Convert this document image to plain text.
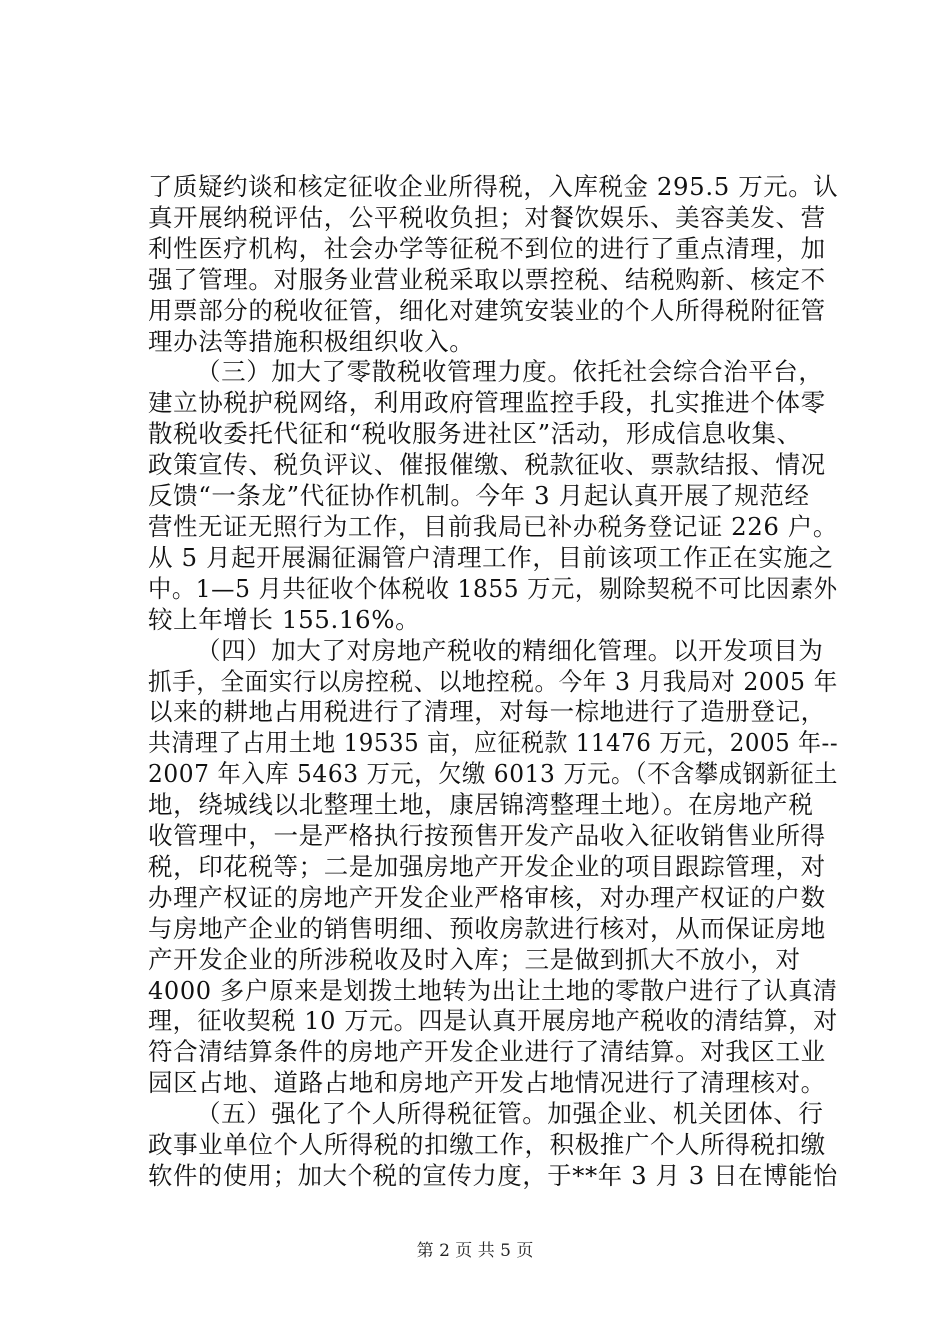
了质疑约谈和核定征收企业所得税，入库税金 295.5 万元。认
真开展纳税评估，公平税收负担；对餐饮娱乐、美容美发、营
利性医疗机构，社会办学等征税不到位的进行了重点清理，加
强了管理。对服务业营业税采取以票控税、结税购新、核定不
用票部分的税收征管，细化对建筑安装业的个人所得税附征管
理办法等措施积极组织收入。
（三）加大了零散税收管理力度。依托社会综合治平台，
建立协税护税网络，利用政府管理监控手段，扎实推进个体零
散税收委托代征和“税收服务进社区”活动，形成信息收集、
政策宣传、税负评议、催报催缴、税款征收、票款结报、情况
反馈“一条龙”代征协作机制。今年 3 月起认真开展了规范经
营性无证无照行为工作，目前我局已补办税务登记证 226 户。
从 5 月起开展漏征漏管户清理工作，目前该项工作正在实施之
中。1—5 月共征收个体税收 1855 万元，剔除契税不可比因素外
较上年增长 155.16%。
（四）加大了对房地产税收的精细化管理。以开发项目为
抓手，全面实行以房控税、以地控税。今年 3 月我局对 2005 年
以来的耕地占用税进行了清理，对每一棕地进行了造册登记，
共清理了占用土地 19535 亩，应征税款 11476 万元，2005 年--
2007 年入库 5463 万元，欠缴 6013 万元。（不含攀成钢新征土
地，绕城线以北整理土地，康居锦湾整理土地）。在房地产税
收管理中，一是严格执行按预售开发产品收入征收销售业所得
税，印花税等；二是加强房地产开发企业的项目跟踪管理，对
办理产权证的房地产开发企业严格审核，对办理产权证的户数
与房地产企业的销售明细、预收房款进行核对，从而保证房地
产开发企业的所涉税收及时入库；三是做到抓大不放小，对
4000 多户原来是划拨土地转为出让土地的零散户进行了认真清
理，征收契税 10 万元。四是认真开展房地产税收的清结算，对
符合清结算条件的房地产开发企业进行了清结算。对我区工业
园区占地、道路占地和房地产开发占地情况进行了清理核对。
（五）强化了个人所得税征管。加强企业、机关团体、行
政事业单位个人所得税的扣缴工作，积极推广个人所得税扣缴
软件的使用；加大个税的宣传力度，于**年 3 月 3 日在博能怡
第 2 页 共 5 页
